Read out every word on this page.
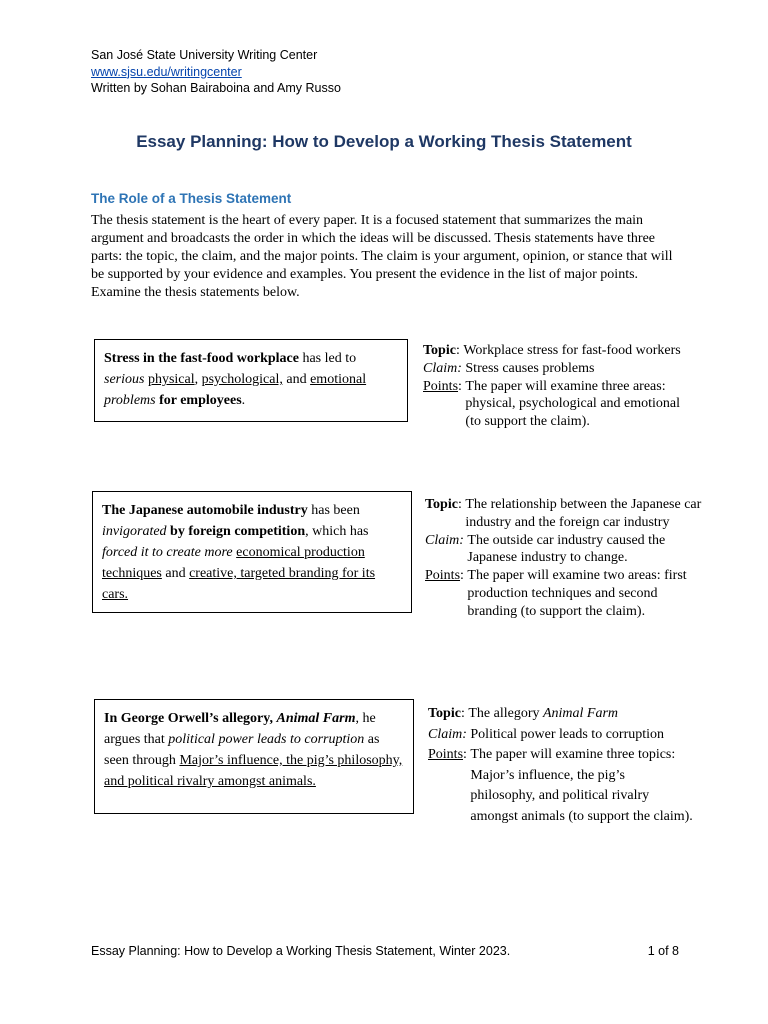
San José State University Writing Center
www.sjsu.edu/writingcenter
Written by Sohan Bairaboina and Amy Russo
Essay Planning: How to Develop a Working Thesis Statement
The Role of a Thesis Statement

The thesis statement is the heart of every paper. It is a focused statement that summarizes the main argument and broadcasts the order in which the ideas will be discussed. Thesis statements have three parts: the topic, the claim, and the major points. The claim is your argument, opinion, or stance that will be supported by your evidence and examples. You present the evidence in the list of major points. Examine the thesis statements below.

Stress in the fast-food workplace has led to serious physical, psychological, and emotional problems for employees.
Topic : Workplace stress for fast-food workers
Claim:
Stress causes problems
Points : The paper will examine three areas: physical, psychological and emotional (to support the claim).
The Japanese automobile industry has been invigorated by foreign competition, which has forced it to create more economical production techniques and creative, targeted branding for its cars.
Topic : The relationship between the Japanese car industry and the foreign car industry
Claim:
The outside car industry caused the Japanese industry to change.
Points : The paper will examine two areas: first production techniques and second branding (to support the claim).
In George Orwell’s allegory, Animal Farm, he argues that political power leads to corruption as seen through Major’s influence, the pig’s philosophy, and political rivalry amongst animals.
Topic : The allegory Animal Farm
Claim:
Political power leads to corruption
Points : The paper will examine three topics: Major’s influence, the pig’s philosophy, and political rivalry amongst animals (to support the claim).
Essay Planning: How to Develop a Working Thesis Statement, Winter 2023.	1 of 8
